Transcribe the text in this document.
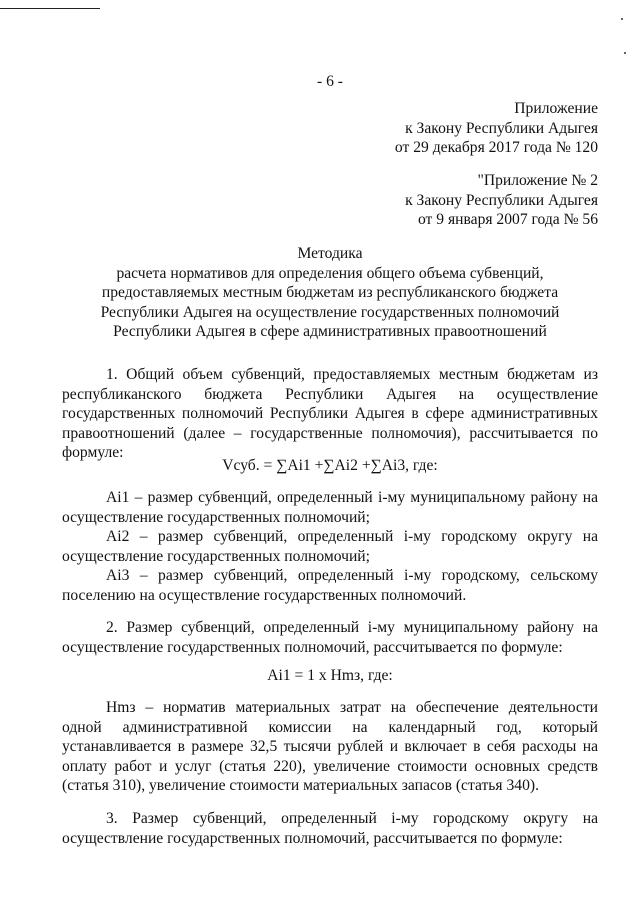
- 6 -
Приложение
к Закону Республики Адыгея
от 29 декабря 2017 года № 120
"Приложение № 2
к Закону Республики Адыгея
от 9 января 2007 года № 56
Методика
расчета нормативов для определения общего объема субвенций,
предоставляемых местным бюджетам из республиканского бюджета
Республики Адыгея на осуществление государственных полномочий
Республики Адыгея в сфере административных правоотношений

1. Общий объем субвенций, предоставляемых местным бюджетам из республиканского бюджета Республики Адыгея на осуществление государственных полномочий Республики Адыгея в сфере административных правоотношений (далее – государственные полномочия), рассчитывается по формуле:

Vсуб. = ∑Ai1 +∑Ai2 +∑Ai3, где:

Ai1 – размер субвенций, определенный i-му муниципальному району на осуществление государственных полномочий;

Ai2 – размер субвенций, определенный i-му городскому округу на осуществление государственных полномочий;

Ai3 – размер субвенций, определенный i-му городскому, сельскому поселению на осуществление государственных полномочий.

2. Размер субвенций, определенный i-му муниципальному району на осуществление государственных полномочий, рассчитывается по формуле:

Ai1 = 1 x Нmз, где:

Нmз – норматив материальных затрат на обеспечение деятельности одной административной комиссии на календарный год, который устанавливается в размере 32,5 тысячи рублей и включает в себя расходы на оплату работ и услуг (статья 220), увеличение стоимости основных средств (статья 310), увеличение стоимости материальных запасов (статья 340).

3. Размер субвенций, определенный i-му городскому округу на осуществление государственных полномочий, рассчитывается по формуле:
